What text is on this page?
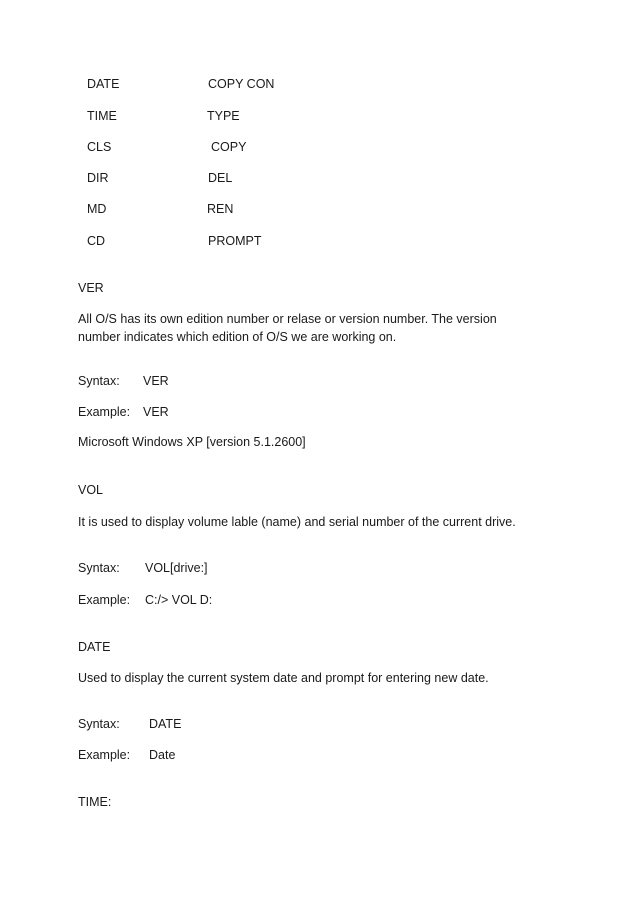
DATE	COPY CON
TIME	TYPE
CLS	COPY
DIR	DEL
MD	REN
CD	PROMPT
VER
All O/S has its own edition number or relase or version number. The version number indicates which edition of O/S we are working on.
Syntax: VER
Example: VER
Microsoft Windows XP [version 5.1.2600]
VOL
It is used to display volume lable (name) and serial number of the current drive.
Syntax: VOL[drive:]
Example: C:/> VOL D:
DATE
Used to display the current system date and prompt for entering new date.
Syntax: DATE
Example: Date
TIME:
